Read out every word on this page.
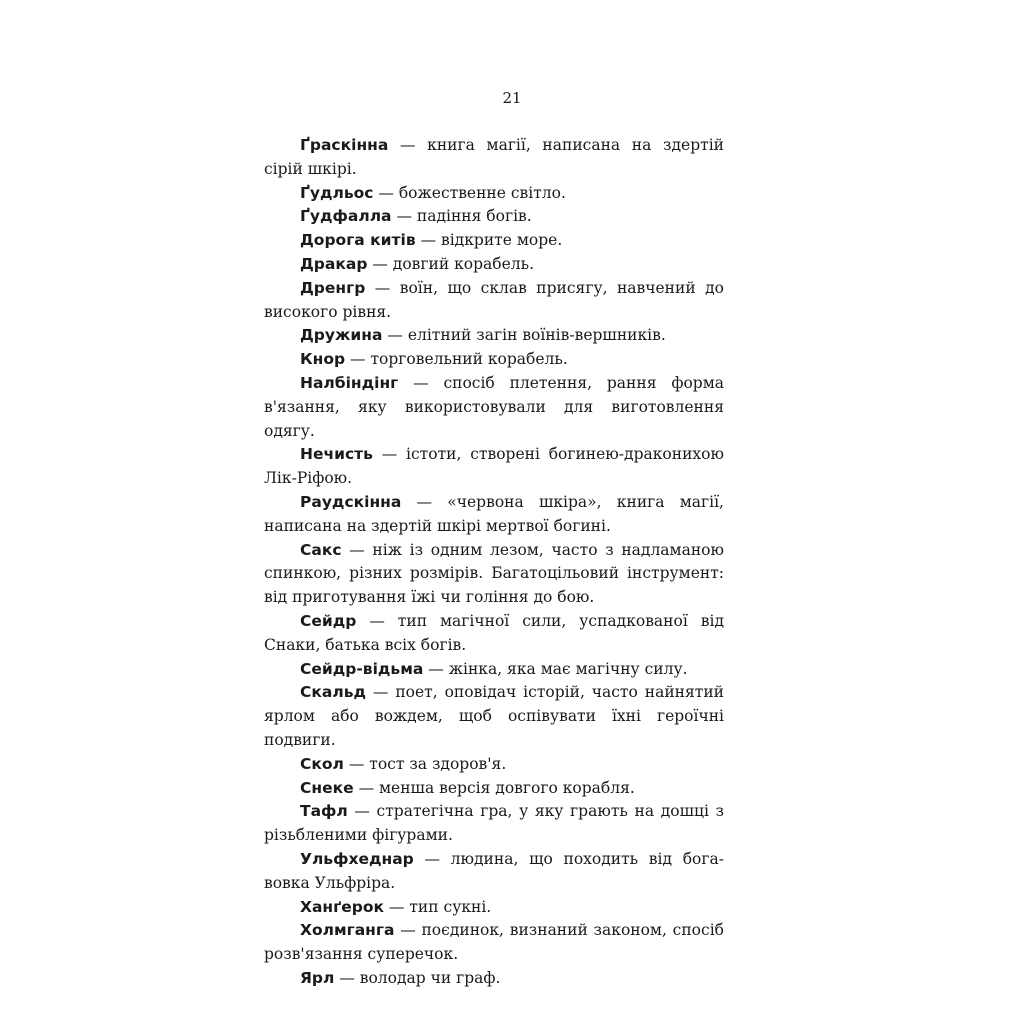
21

Ґраскінна — книга магії, написана на здертій сірій шкірі.

Ґудльос — божественне світло.

Ґудфалла — падіння богів.

Дорога китів — відкрите море.

Дракар — довгий корабель.

Дренгр — воїн, що склав присягу, навчений до високого рівня.

Дружина — елітний загін воїнів-вершників.

Кнор — торговельний корабель.

Налбіндінг — спосіб плетення, рання форма в'язання, яку використовували для виготовлення одягу.

Нечисть — істоти, створені богинею-драконихою Лік-Ріфою.

Раудскінна — «червона шкіра», книга магії, написана на здертій шкірі мертвої богині.

Сакс — ніж із одним лезом, часто з надламаною спинкою, різних розмірів. Багатоцільовий інструмент: від приготування їжі чи гоління до бою.

Сейдр — тип магічної сили, успадкованої від Снаки, батька всіх богів.

Сейдр-відьма — жінка, яка має магічну силу.

Скальд — поет, оповідач історій, часто найнятий ярлом або вождем, щоб оспівувати їхні героїчні подвиги.

Скол — тост за здоров'я.

Снеке — менша версія довгого корабля.

Тафл — стратегічна гра, у яку грають на дошці з різьбленими фігурами.

Ульфхеднар — людина, що походить від бога-вовка Ульфріра.

Ханґерок — тип сукні.

Холмганга — поєдинок, визнаний законом, спосіб розв'язання суперечок.

Ярл — володар чи граф.
